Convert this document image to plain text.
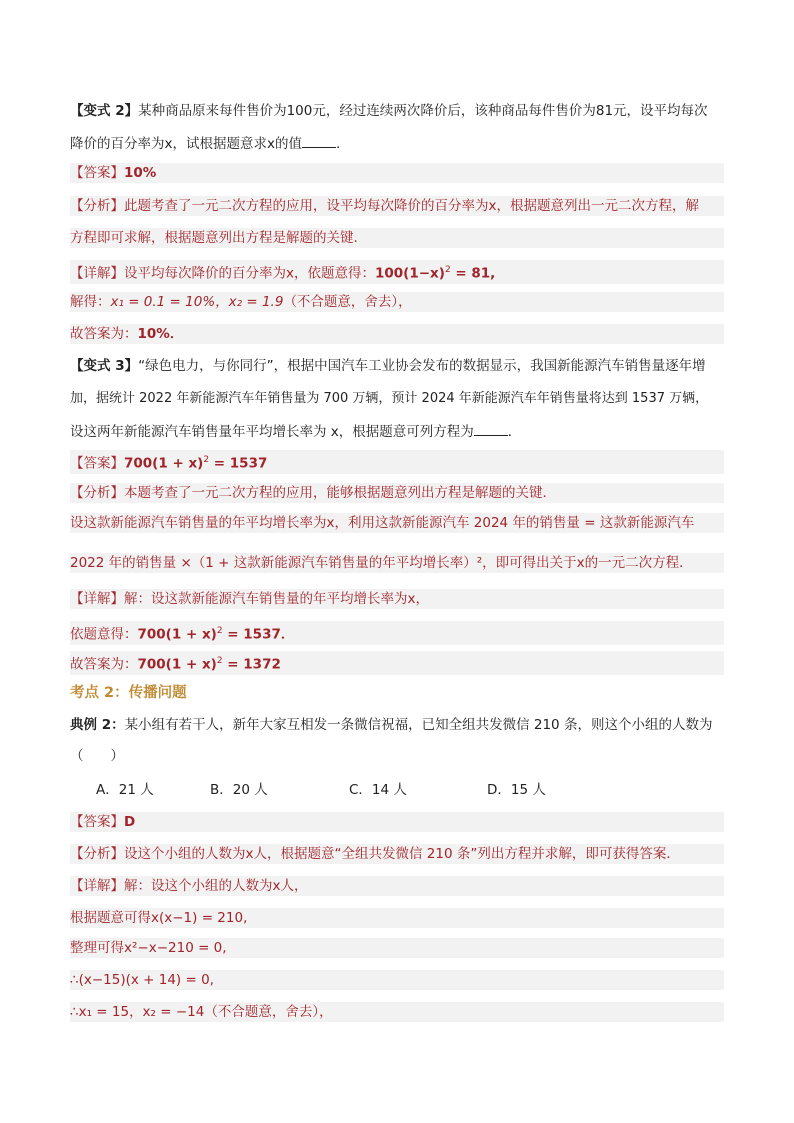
【变式 2】某种商品原来每件售价为100元，经过连续两次降价后，该种商品每件售价为81元，设平均每次
降价的百分率为x，试根据题意求x的值	.
【答案】10%
【分析】此题考查了一元二次方程的应用，设平均每次降价的百分率为x，根据题意列出一元二次方程，解
方程即可求解，根据题意列出方程是解题的关键．
【详解】设平均每次降价的百分率为x，依题意得：$100(1-x)^2 = 81$,
解得：x₁ = 0.1 = 10%，x₂ = 1.9（不合题意，舍去），
故答案为：10%．
【变式 3】“绿色电力，与你同行”，根据中国汽车工业协会发布的数据显示，我国新能源汽车销售量逐年增
加，据统计 2022 年新能源汽车年销售量为 700 万辆，预计 2024 年新能源汽车年销售量将达到 1537 万辆，
设这两年新能源汽车销售量年平均增长率为 x，根据题意可列方程为	．
【答案】$700(1 + x)^2 = 1537$
【分析】本题考查了一元二次方程的应用，能够根据题意列出方程是解题的关键．
设这款新能源汽车销售量的年平均增长率为x，利用这款新能源汽车 2024 年的销售量 = 这款新能源汽车
2022 年的销售量 ×（1 + 这款新能源汽车销售量的年平均增长率）²，即可得出关于x的一元二次方程．
【详解】解：设这款新能源汽车销售量的年平均增长率为x，
依题意得：$700(1 + x)^2 = 1537$．
故答案为：$700(1 + x)^2 = 1372$
考点 2：传播问题
典例 2：某小组有若干人，新年大家互相发一条微信祝福，已知全组共发微信 210 条，则这个小组的人数为
（　　）
A．21 人	B．20 人	C．14 人	D．15 人
【答案】D
【分析】设这个小组的人数为x人，根据题意“全组共发微信 210 条”列出方程并求解，即可获得答案．
【详解】解：设这个小组的人数为x人，
根据题意可得x(x−1) = 210,
整理可得x²−x−210 = 0,
∴(x−15)(x + 14) = 0,
∴x₁ = 15，x₂ = −14（不合题意，舍去），
